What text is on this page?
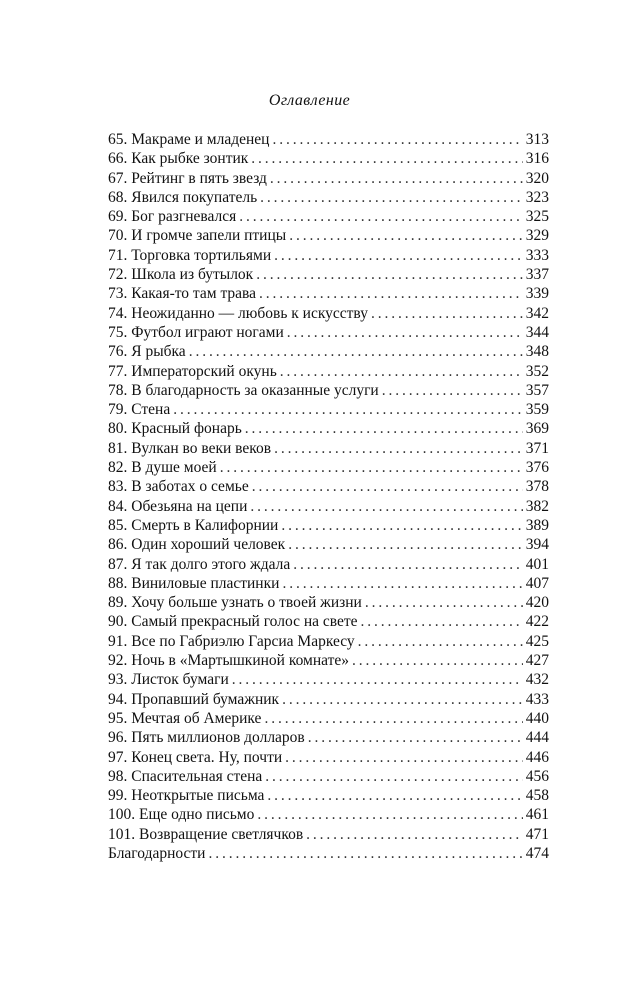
Оглавление
65. Макраме и младенец . . .	313
66. Как рыбке зонтик . . .	316
67. Рейтинг в пять звезд . . .	320
68. Явился покупатель . . .	323
69. Бог разгневался . . .	325
70. И громче запели птицы . . .	329
71. Торговка тортильями . . .	333
72. Школа из бутылок . . .	337
73. Какая-то там трава . . .	339
74. Неожиданно — любовь к искусству . . .	342
75. Футбол играют ногами . . .	344
76. Я рыбка . . .	348
77. Императорский окунь . . .	352
78. В благодарность за оказанные услуги . . .	357
79. Стена . . .	359
80. Красный фонарь . . .	369
81. Вулкан во веки веков . . .	371
82. В душе моей . . .	376
83. В заботах о семье . . .	378
84. Обезьяна на цепи . . .	382
85. Смерть в Калифорнии . . .	389
86. Один хороший человек . . .	394
87. Я так долго этого ждала . . .	401
88. Виниловые пластинки . . .	407
89. Хочу больше узнать о твоей жизни . . .	420
90. Самый прекрасный голос на свете . . .	422
91. Все по Габриэлю Гарсиа Маркесу . . .	425
92. Ночь в «Мартышкиной комнате» . . .	427
93. Листок бумаги . . .	432
94. Пропавший бумажник . . .	433
95. Мечтая об Америке . . .	440
96. Пять миллионов долларов . . .	444
97. Конец света. Ну, почти . . .	446
98. Спасительная стена . . .	456
99. Неоткрытые письма . . .	458
100. Еще одно письмо . . .	461
101. Возвращение светлячков . . .	471
Благодарности . . .	474
